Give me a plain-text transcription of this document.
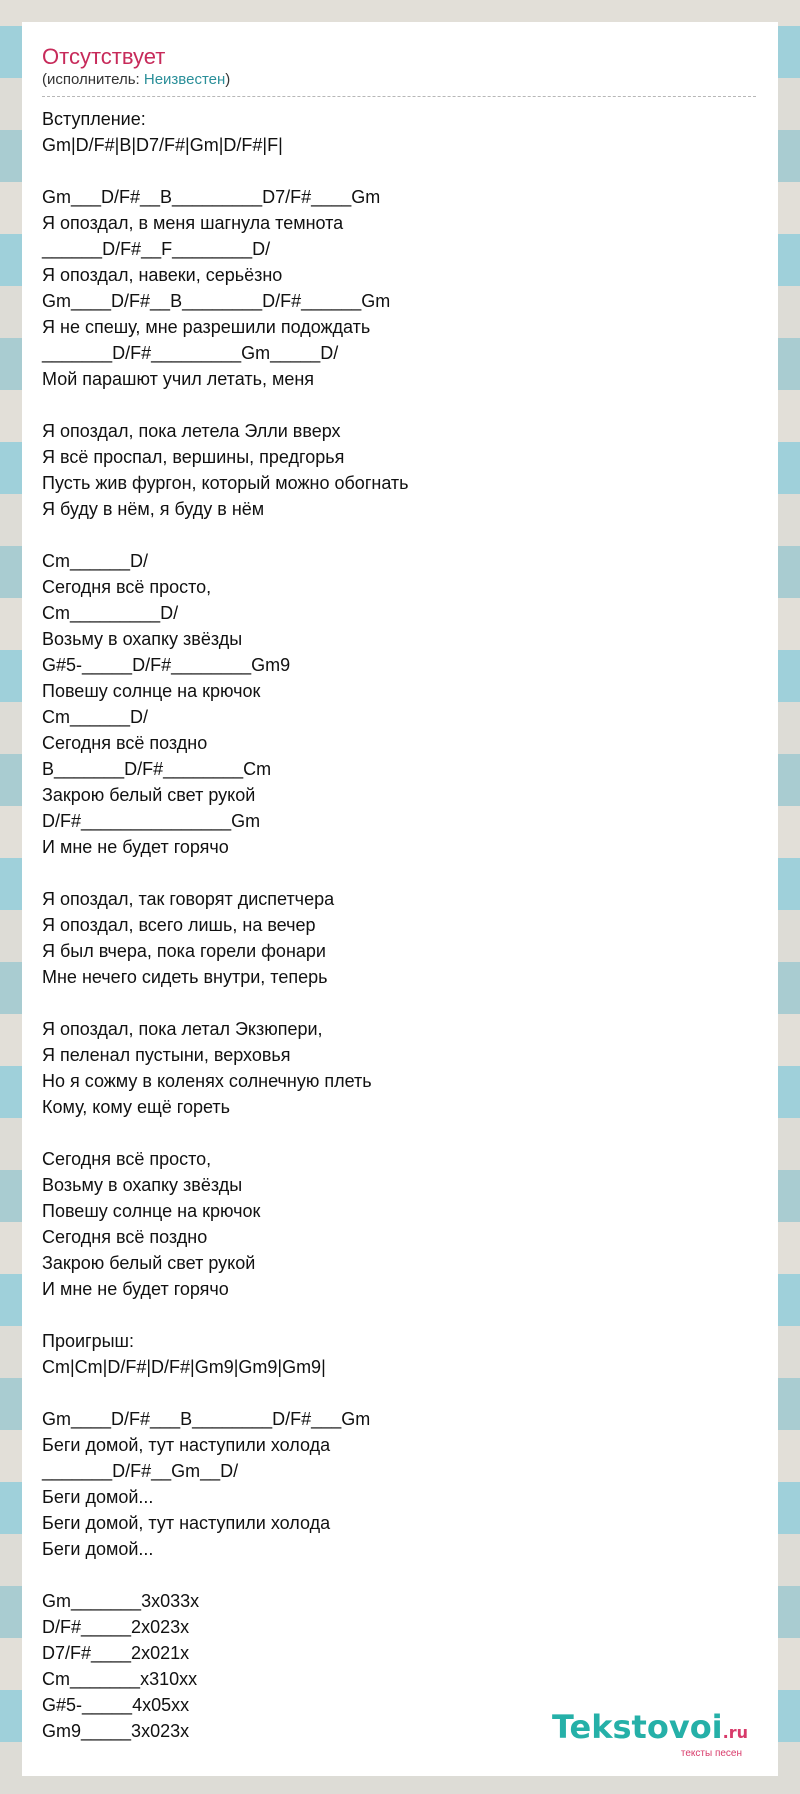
Отсутствует
(исполнитель: Неизвестен)
Вступление:
Gm|D/F#|B|D7/F#|Gm|D/F#|F|

Gm___D/F#__B_________D7/F#____Gm
Я опоздал, в меня шагнула темнота
______D/F#__F________D/
Я опоздал, навеки, серьёзно
Gm____D/F#__B________D/F#______Gm
Я не спешу, мне разрешили подождать
_______D/F#_________Gm_____D/
Мой парашют учил летать, меня

Я опоздал, пока летела Элли вверх
Я всё проспал, вершины, предгорья
Пусть жив фургон, который можно обогнать
Я буду в нём, я буду в нём

Cm______D/
Сегодня всё просто,
Cm_________D/
Возьму в охапку звёзды
G#5-_____D/F#________Gm9
Повешу солнце на крючок
Cm______D/
Сегодня всё поздно
B_______D/F#________Cm
Закрою белый свет рукой
D/F#_______________Gm
И мне не будет горячо

Я опоздал, так говорят диспетчера
Я опоздал, всего лишь, на вечер
Я был вчера, пока горели фонари
Мне нечего сидеть внутри, теперь

Я опоздал, пока летал Экзюпери,
Я пеленал пустыни, верховья
Но я сожму в коленях солнечную плеть
Кому, кому ещё гореть

Сегодня всё просто,
Возьму в охапку звёзды
Повешу солнце на крючок
Сегодня всё поздно
Закрою белый свет рукой
И мне не будет горячо

Проигрыш:
Cm|Cm|D/F#|D/F#|Gm9|Gm9|Gm9|

Gm____D/F#___B________D/F#___Gm
Беги домой, тут наступили холода
_______D/F#__Gm__D/
Беги домой...
Беги домой, тут наступили холода
Беги домой...

Gm_______3x033x
D/F#_____2x023x
D7/F#____2x021x
Cm_______x310xx
G#5-_____4x05xx
Gm9_____3x023x	Tekstovoi.ru
тексты песен
